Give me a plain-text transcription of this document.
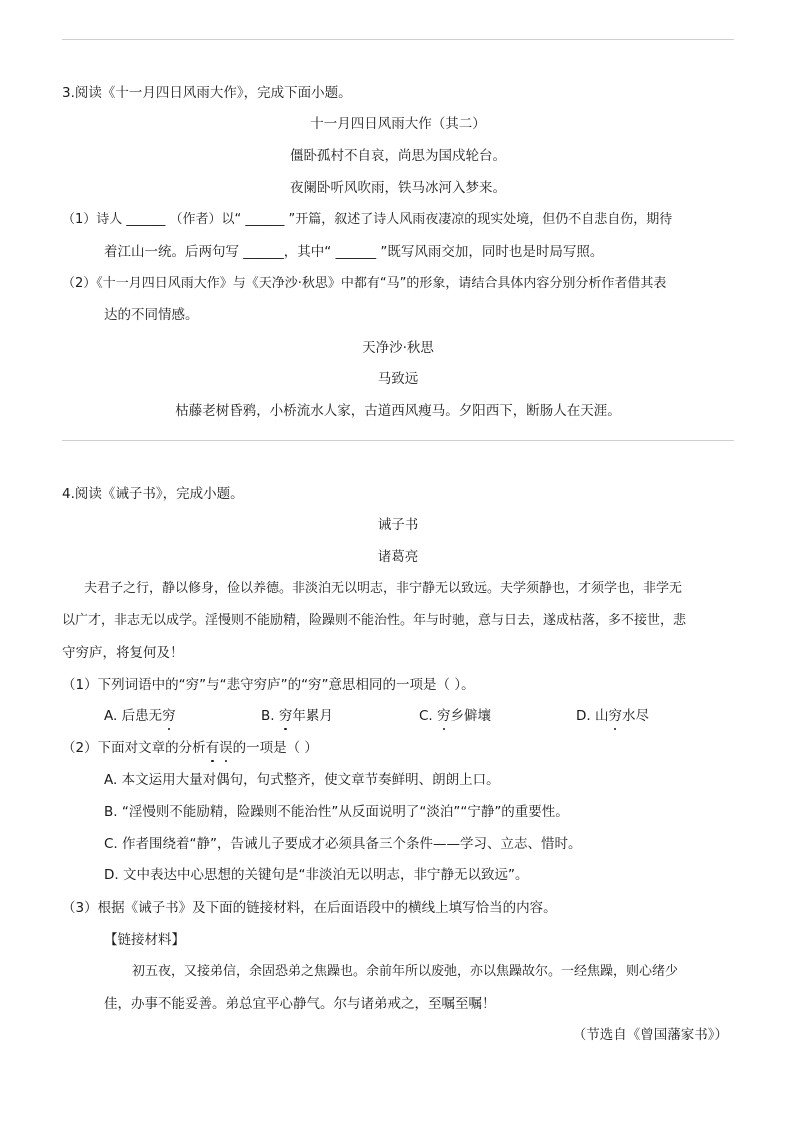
3.阅读《十一月四日风雨大作》，完成下面小题。
十一月四日风雨大作（其二）
僵卧孤村不自哀，尚思为国戍轮台。
夜阑卧听风吹雨，铁马冰河入梦来。
（1）诗人 ______ （作者）以“ ______ ”开篇，叙述了诗人风雨夜凄凉的现实处境，但仍不自悲自伤，期待
着江山一统。后两句写 ______，其中“ ______ ”既写风雨交加，同时也是时局写照。
（2）《十一月四日风雨大作》与《天净沙·秋思》中都有“马”的形象，请结合具体内容分别分析作者借其表
达的不同情感。
天净沙·秋思
马致远
枯藤老树昏鸦，小桥流水人家，古道西风瘦马。夕阳西下，断肠人在天涯。
4.阅读《诫子书》，完成小题。
诫子书
诸葛亮
夫君子之行，静以修身，俭以养德。非淡泊无以明志，非宁静无以致远。夫学须静也，才须学也，非学无
以广才，非志无以成学。淫慢则不能励精，险躁则不能治性。年与时驰，意与日去，遂成枯落，多不接世，悲
守穷庐，将复何及！
（1）下列词语中的“穷”与“悲守穷庐”的“穷”意思相同的一项是（ ）。
A. 后患无穷	B. 穷年累月	C. 穷乡僻壤	D. 山穷水尽
（2）下面对文章的分析有误的一项是（ ）
A. 本文运用大量对偶句，句式整齐，使文章节奏鲜明、朗朗上口。
B. “淫慢则不能励精，险躁则不能治性”从反面说明了“淡泊”“宁静”的重要性。
C. 作者围绕着“静”，告诫儿子要成才必须具备三个条件——学习、立志、惜时。
D. 文中表达中心思想的关键句是“非淡泊无以明志，非宁静无以致远”。
（3）根据《诫子书》及下面的链接材料，在后面语段中的横线上填写恰当的内容。
【链接材料】
初五夜，又接弟信，余固恐弟之焦躁也。余前年所以废弛，亦以焦躁故尔。一经焦躁，则心绪少
佳，办事不能妥善。弟总宜平心静气。尔与诸弟戒之，至嘱至嘱！
（节选自《曾国藩家书》）
